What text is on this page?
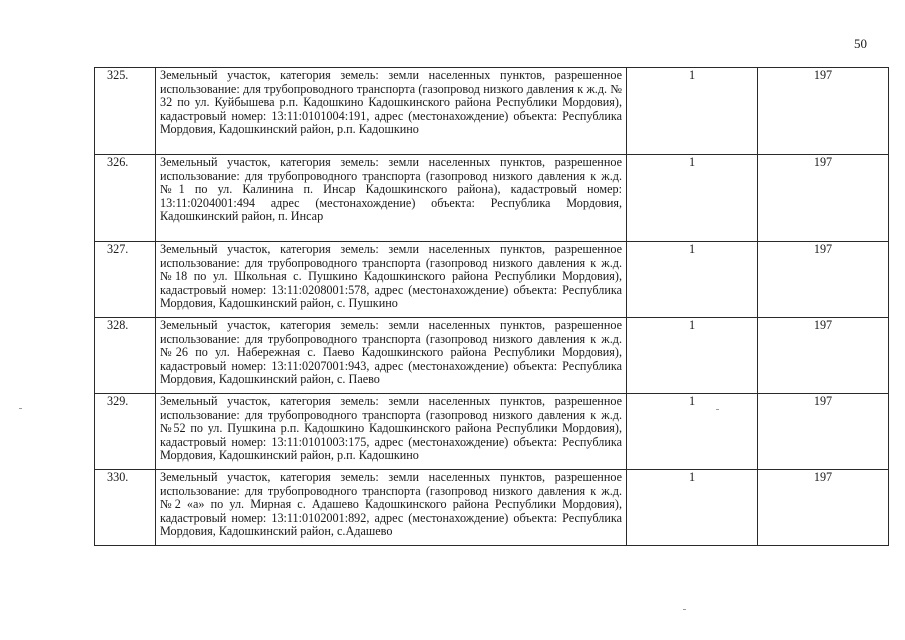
50
325.	Земельный участок, категория земель: земли населенных пунктов, разрешенное использование: для трубопроводного транспорта (газопровод низкого давления к ж.д. № 32 по ул. Куйбышева р.п. Кадошкино Кадошкинского района Республики Мордовия), кадастровый номер: 13:11:0101004:191, адрес (местонахождение) объекта: Республика Мордовия, Кадошкинский район, р.п. Кадошкино	1	197
326.	Земельный участок, категория земель: земли населенных пунктов, разрешенное использование: для трубопроводного транспорта (газопровод низкого давления к ж.д. №1 по ул. Калинина п. Инсар Кадошкинского района), кадастровый номер: 13:11:0204001:494 адрес (местонахождение) объекта: Республика Мордовия, Кадошкинский район, п. Инсар	1	197
327.	Земельный участок, категория земель: земли населенных пунктов, разрешенное использование: для трубопроводного транспорта (газопровод низкого давления к ж.д. №18 по ул. Школьная с. Пушкино Кадошкинского района Республики Мордовия), кадастровый номер: 13:11:0208001:578, адрес (местонахождение) объекта: Республика Мордовия, Кадошкинский район, с. Пушкино	1	197
328.	Земельный участок, категория земель: земли населенных пунктов, разрешенное использование: для трубопроводного транспорта (газопровод низкого давления к ж.д. №26 по ул. Набережная с. Паево Кадошкинского района Республики Мордовия), кадастровый номер: 13:11:0207001:943, адрес (местонахождение) объекта: Республика Мордовия, Кадошкинский район, с. Паево	1	197
329.	Земельный участок, категория земель: земли населенных пунктов, разрешенное использование: для трубопроводного транспорта (газопровод низкого давления к ж.д. №52 по ул. Пушкина р.п. Кадошкино Кадошкинского района Республики Мордовия), кадастровый номер: 13:11:0101003:175, адрес (местонахождение) объекта: Республика Мордовия, Кадошкинский район, р.п. Кадошкино	1	197
330.	Земельный участок, категория земель: земли населенных пунктов, разрешенное использование: для трубопроводного транспорта (газопровод низкого давления к ж.д. №2 «а» по ул. Мирная с. Адашево Кадошкинского района Республики Мордовия), кадастровый номер: 13:11:0102001:892, адрес (местонахождение) объекта: Республика Мордовия, Кадошкинский район, с.Адашево	1	197
